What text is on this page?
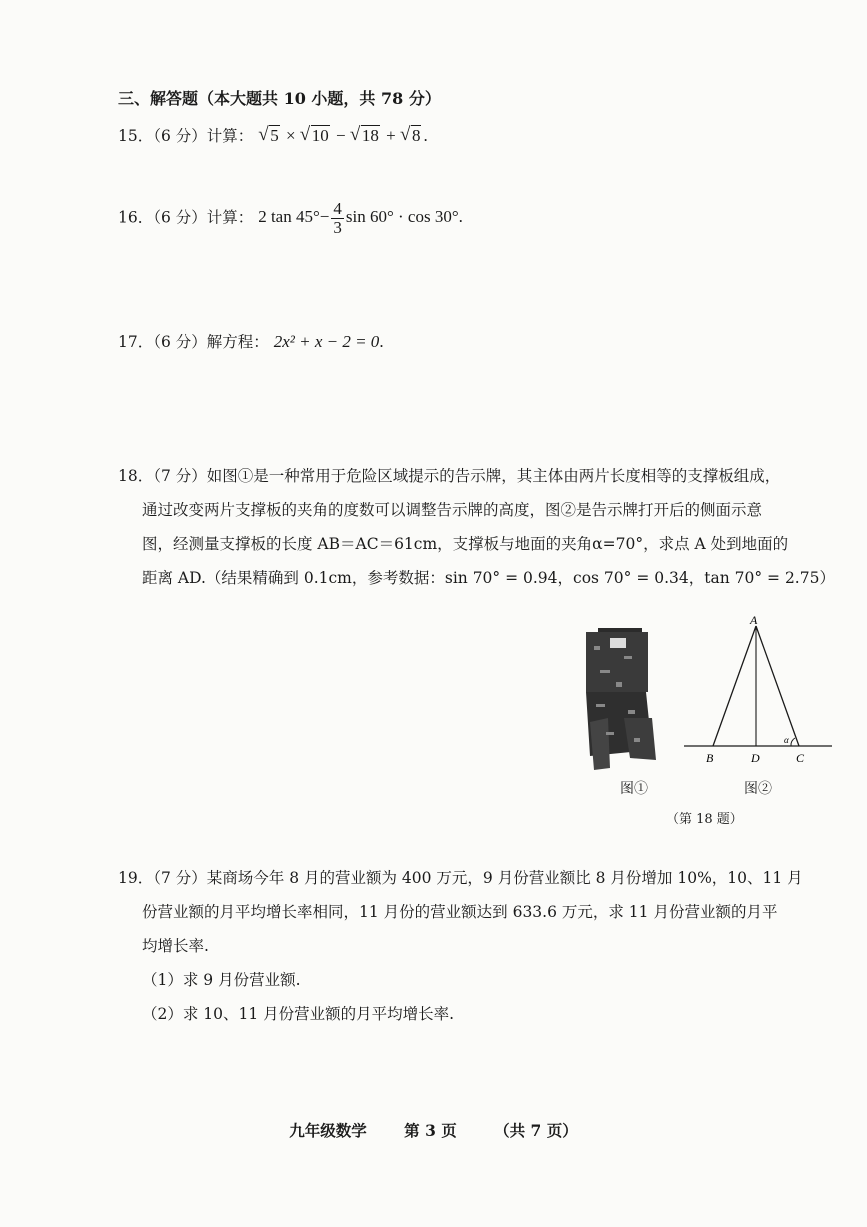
三、解答题（本大题共 10 小题，共 78 分）
15．（6 分）计算： √ 5 × √ 10 − √ 18 + √ 8 .
16．（6 分）计算： 2 $\tan 45^\circ- \frac{4}{3}$ sin 60° · cos 30°.
17．（6 分）解方程： 2x² + x − 2 = 0.
18．（7 分）如图①是一种常用于危险区域提示的告示牌，其主体由两片长度相等的支撑板组成，
通过改变两片支撑板的夹角的度数可以调整告示牌的高度，图②是告示牌打开后的侧面示意
图，经测量支撑板的长度 AB＝AC＝61cm，支撑板与地面的夹角α=70°，求点 A 处到地面的
距离 AD.（结果精确到 0.1cm，参考数据：sin 70° = 0.94，cos 70° = 0.34，tan 70° = 2.75）
图①
A
B	D	C
α
图②
（第 18 题）
19．（7 分）某商场今年 8 月的营业额为 400 万元，9 月份营业额比 8 月份增加 10%，10、11 月
份营业额的月平均增长率相同，11 月份的营业额达到 633.6 万元，求 11 月份营业额的月平
均增长率.
（1）求 9 月份营业额.
（2）求 10、11 月份营业额的月平均增长率.
九年级数学 第 3 页 （共 7 页）
